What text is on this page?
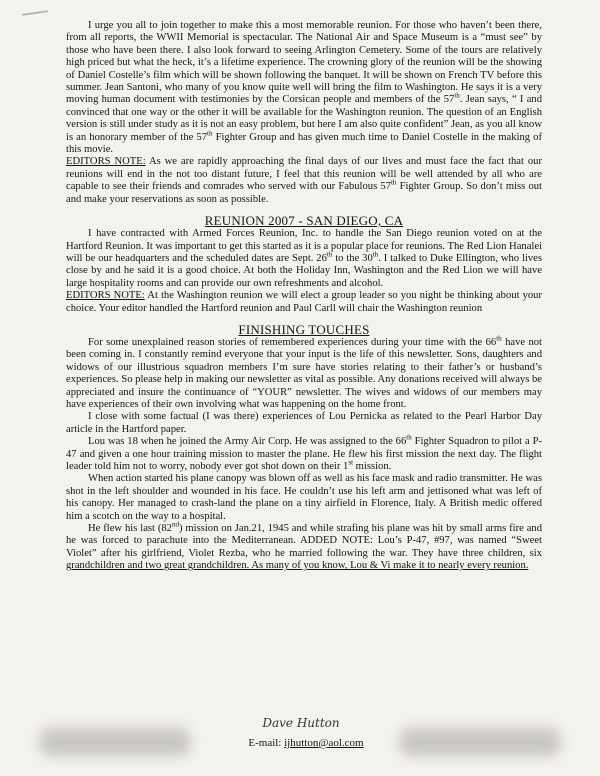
I urge you all to join together to make this a most memorable reunion. For those who haven’t been there, from all reports, the WWII Memorial is spectacular. The National Air and Space Museum is a “must see” by those who have been there. I also look forward to seeing Arlington Cemetery. Some of the tours are relatively high priced but what the heck, it’s a lifetime experience. The crowning glory of the reunion will be the showing of Daniel Costelle’s film which will be shown following the banquet. It will be shown on French TV before this summer. Jean Santoni, who many of you know quite well will bring the film to Washington. He says it is a very moving human document with testimonies by the Corsican people and members of the 57th. Jean says, “ I and convinced that one way or the other it will be available for the Washington reunion. The question of an English version is still under study as it is not an easy problem, but here I am also quite confident” Jean, as you all know is an honorary member of the 57th Fighter Group and has given much time to Daniel Costelle in the making of this movie.

EDITORS NOTE: As we are rapidly approaching the final days of our lives and must face the fact that our reunions will end in the not too distant future, I feel that this reunion will be well attended by all who are capable to see their friends and comrades who served with our Fabulous 57th Fighter Group. So don’t miss out and make your reservations as soon as possible.

REUNION 2007 - SAN DIEGO, CA

I have contracted with Armed Forces Reunion, Inc. to handle the San Diego reunion voted on at the Hartford Reunion. It was important to get this started as it is a popular place for reunions. The Red Lion Hanalei will be our headquarters and the scheduled dates are Sept. 26th to the 30th. I talked to Duke Ellington, who lives close by and he said it is a good choice. At both the Holiday Inn, Washington and the Red Lion we will have large hospitality rooms and can provide our own refreshments and alcohol.

EDITORS NOTE: At the Washington reunion we will elect a group leader so you night be thinking about your choice. Your editor handled the Hartford reunion and Paul Carll will chair the Washington reunion

FINISHING TOUCHES

For some unexplained reason stories of remembered experiences during your time with the 66th have not been coming in. I constantly remind everyone that your input is the life of this newsletter. Sons, daughters and widows of our illustrious squadron members I’m sure have stories relating to their father’s or husband’s experiences. So please help in making our newsletter as vital as possible. Any donations received will always be appreciated and insure the continuance of “YOUR” newsletter. The wives and widows of our members may have experiences of their own involving what was happening on the home front.

I close with some factual (I was there) experiences of Lou Pernicka as related to the Pearl Harbor Day article in the Hartford paper.

Lou was 18 when he joined the Army Air Corp. He was assigned to the 66th Fighter Squadron to pilot a P-47 and given a one hour training mission to master the plane. He flew his first mission the next day. The flight leader told him not to worry, nobody ever got shot down on their 1st mission.

When action started his plane canopy was blown off as well as his face mask and radio transmitter. He was shot in the left shoulder and wounded in his face. He couldn’t use his left arm and jettisoned what was left of his canopy. Her managed to crash-land the plane on a tiny airfield in Florence, Italy. A British medic offered him a scotch on the way to a hospital.

He flew his last (82nd) mission on Jan.21, 1945 and while strafing his plane was hit by small arms fire and he was forced to parachute into the Mediterranean. ADDED NOTE: Lou’s P-47, #97, was named “Sweet Violet” after his girlfriend, Violet Rezba, who he married following the war. They have three children, six grandchildren and two great grandchildren. As many of you know, Lou & Vi make it to nearly every reunion.

Dave Hutton
E-mail: ijhutton@aol.com
